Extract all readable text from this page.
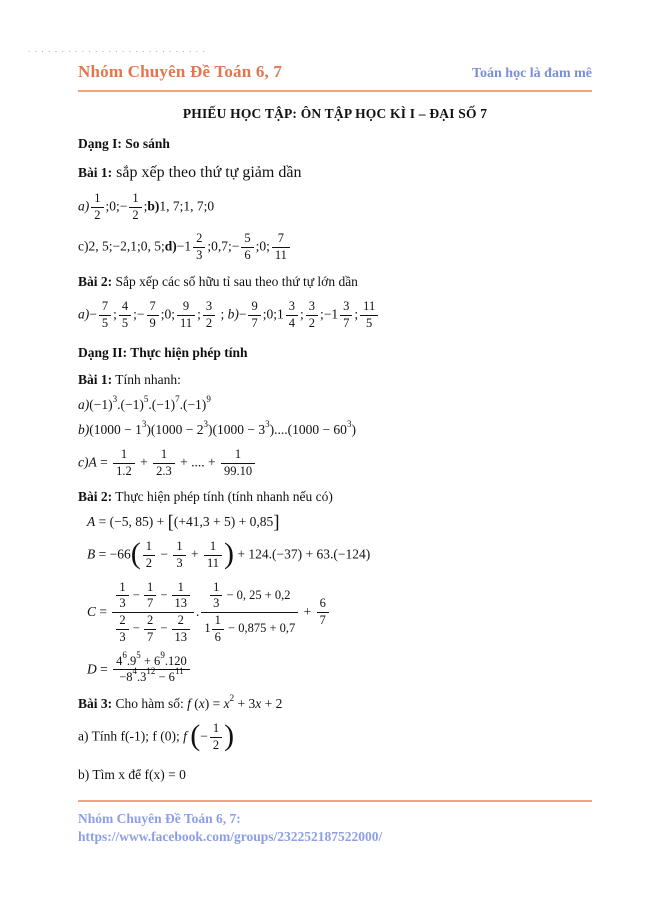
...........................
Nhóm Chuyên Đề Toán 6, 7	Toán học là đam mê
PHIẾU HỌC TẬP: ÔN TẬP HỌC KÌ I – ĐẠI SỐ 7
Dạng I: So sánh
Bài 1: sắp xếp theo thứ tự giảm dần
$a) \frac{1}{2}$ ;0;− $\frac{1}{2}$ ;b)1, 7;1, 7;0
c)2, 5;−2,1;0, 5;d)−1 $\frac{2}{3}$ ;0,7;− $\frac{5}{6}$ ;0; $\frac{7}{11}$
Bài 2: Sắp xếp các số hữu tỉ sau theo thứ tự lớn dần
$a)- \frac{7}{5}$ ; $\frac{4}{5}$ ;− $\frac{7}{9}$ ;0; $\frac{9}{11}$ ; $\frac{3}{2}$ ; $b)- \frac{9}{7}$ ;0;1 $\frac{3}{4}$ ; $\frac{3}{2}$ ;−1 $\frac{3}{7}$ ; $\frac{11}{5}$
Dạng II: Thực hiện phép tính
Bài 1: Tính nhanh:
$a)(-1)^3.(-1)^5.(-1)^7.(-1)^9$
$b)(1000 - 1^3)(1000 - 2^3)(1000 - 3^3)....(1000 - 60^3)$
$c)A = \frac{1}{1.2} + \frac{1}{2.3}$ + .... + $\frac{1}{99.10}$
Bài 2: Thực hiện phép tính (tính nhanh nếu có)
A = (−5, 85) + [(+41,3 + 5) + 0,85]
$B = -66( \frac{1}{2} - \frac{1}{3} + \frac{1}{11}$ ) + 124.(−37) + 63.(−124)
$C = \frac{\frac{1}{3} - \frac{1}{7} - \frac{1}{13}}{\frac{2}{3} - \frac{2}{7} - \frac{2}{13}}$ . $\frac{\frac{1}{3} - 0, 25 + 0,2}{1 \frac{1}{6} - 0,875 + 0,7} + \frac{6}{7}$
$D = \frac{4^6.9^5 + 6^9.120}{-8^4.3^{12} - 6^{11}}$
Bài 3: Cho hàm số: f $(x) = x^2 + 3x + 2$
a) Tính f(-1); f (0); f (− $\frac{1}{2}$ )
b) Tìm x để f(x) = 0
Nhóm Chuyên Đề Toán 6, 7:
https://www.facebook.com/groups/232252187522000/
